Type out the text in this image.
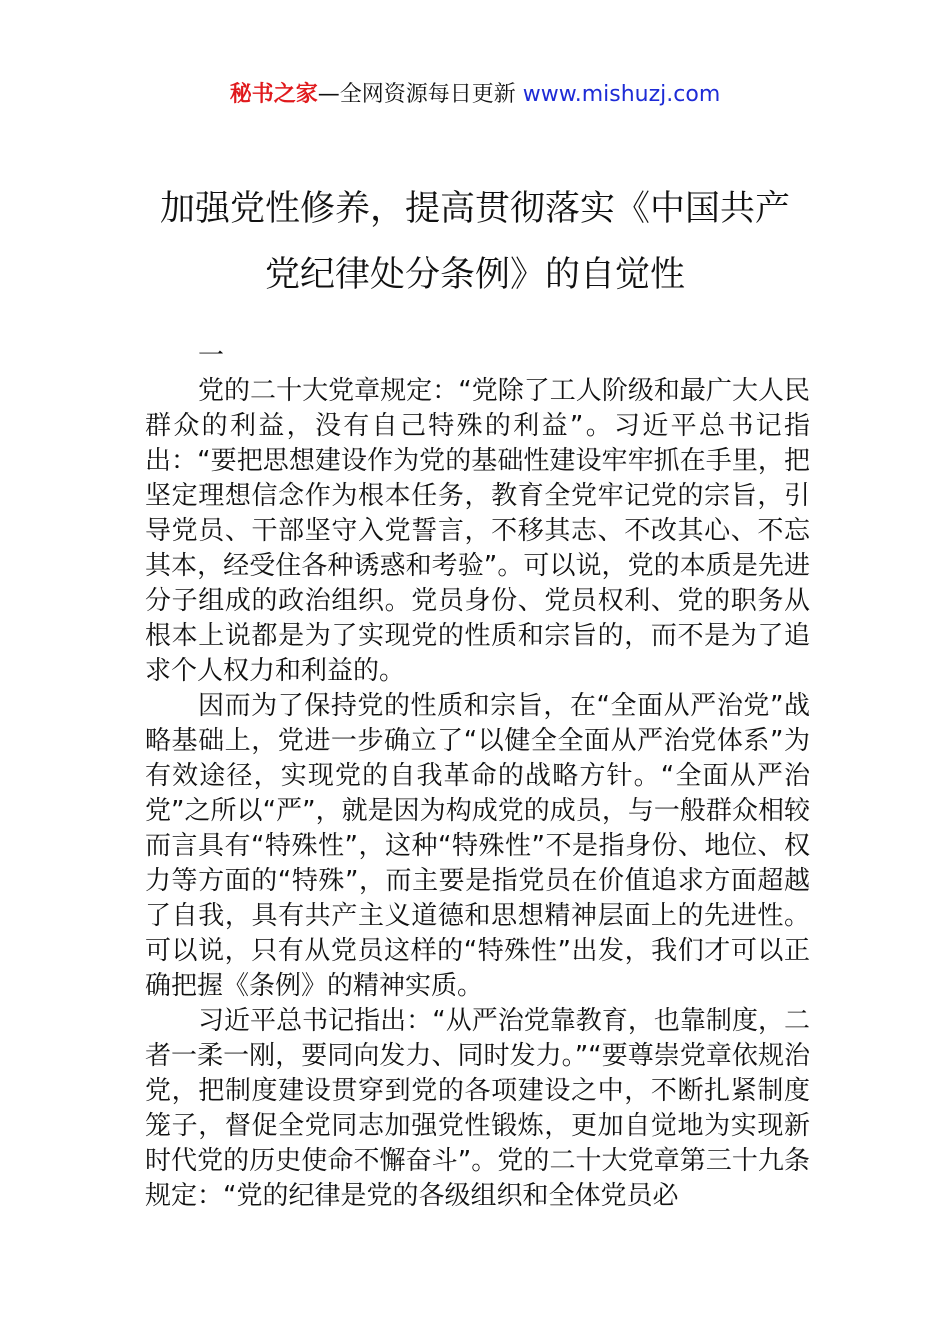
秘书之家—全网资源每日更新 www.mishuzj.com
加强党性修养，提高贯彻落实《中国共产
党纪律处分条例》的自觉性

一

党的二十大党章规定：“党除了工人阶级和最广大人民群众的利益，没有自己特殊的利益”。习近平总书记指出：“要把思想建设作为党的基础性建设牢牢抓在手里，把坚定理想信念作为根本任务，教育全党牢记党的宗旨，引导党员、干部坚守入党誓言，不移其志、不改其心、不忘其本，经受住各种诱惑和考验”。可以说，党的本质是先进分子组成的政治组织。党员身份、党员权利、党的职务从根本上说都是为了实现党的性质和宗旨的，而不是为了追求个人权力和利益的。

因而为了保持党的性质和宗旨，在“全面从严治党”战略基础上，党进一步确立了“以健全全面从严治党体系”为有效途径，实现党的自我革命的战略方针。“全面从严治党”之所以“严”，就是因为构成党的成员，与一般群众相较而言具有“特殊性”，这种“特殊性”不是指身份、地位、权力等方面的“特殊”，而主要是指党员在价值追求方面超越了自我，具有共产主义道德和思想精神层面上的先进性。可以说，只有从党员这样的“特殊性”出发，我们才可以正确把握《条例》的精神实质。

习近平总书记指出：“从严治党靠教育，也靠制度，二者一柔一刚，要同向发力、同时发力。”“要尊崇党章依规治党，把制度建设贯穿到党的各项建设之中，不断扎紧制度笼子，督促全党同志加强党性锻炼，更加自觉地为实现新时代党的历史使命不懈奋斗”。党的二十大党章第三十九条规定：“党的纪律是党的各级组织和全体党员必
